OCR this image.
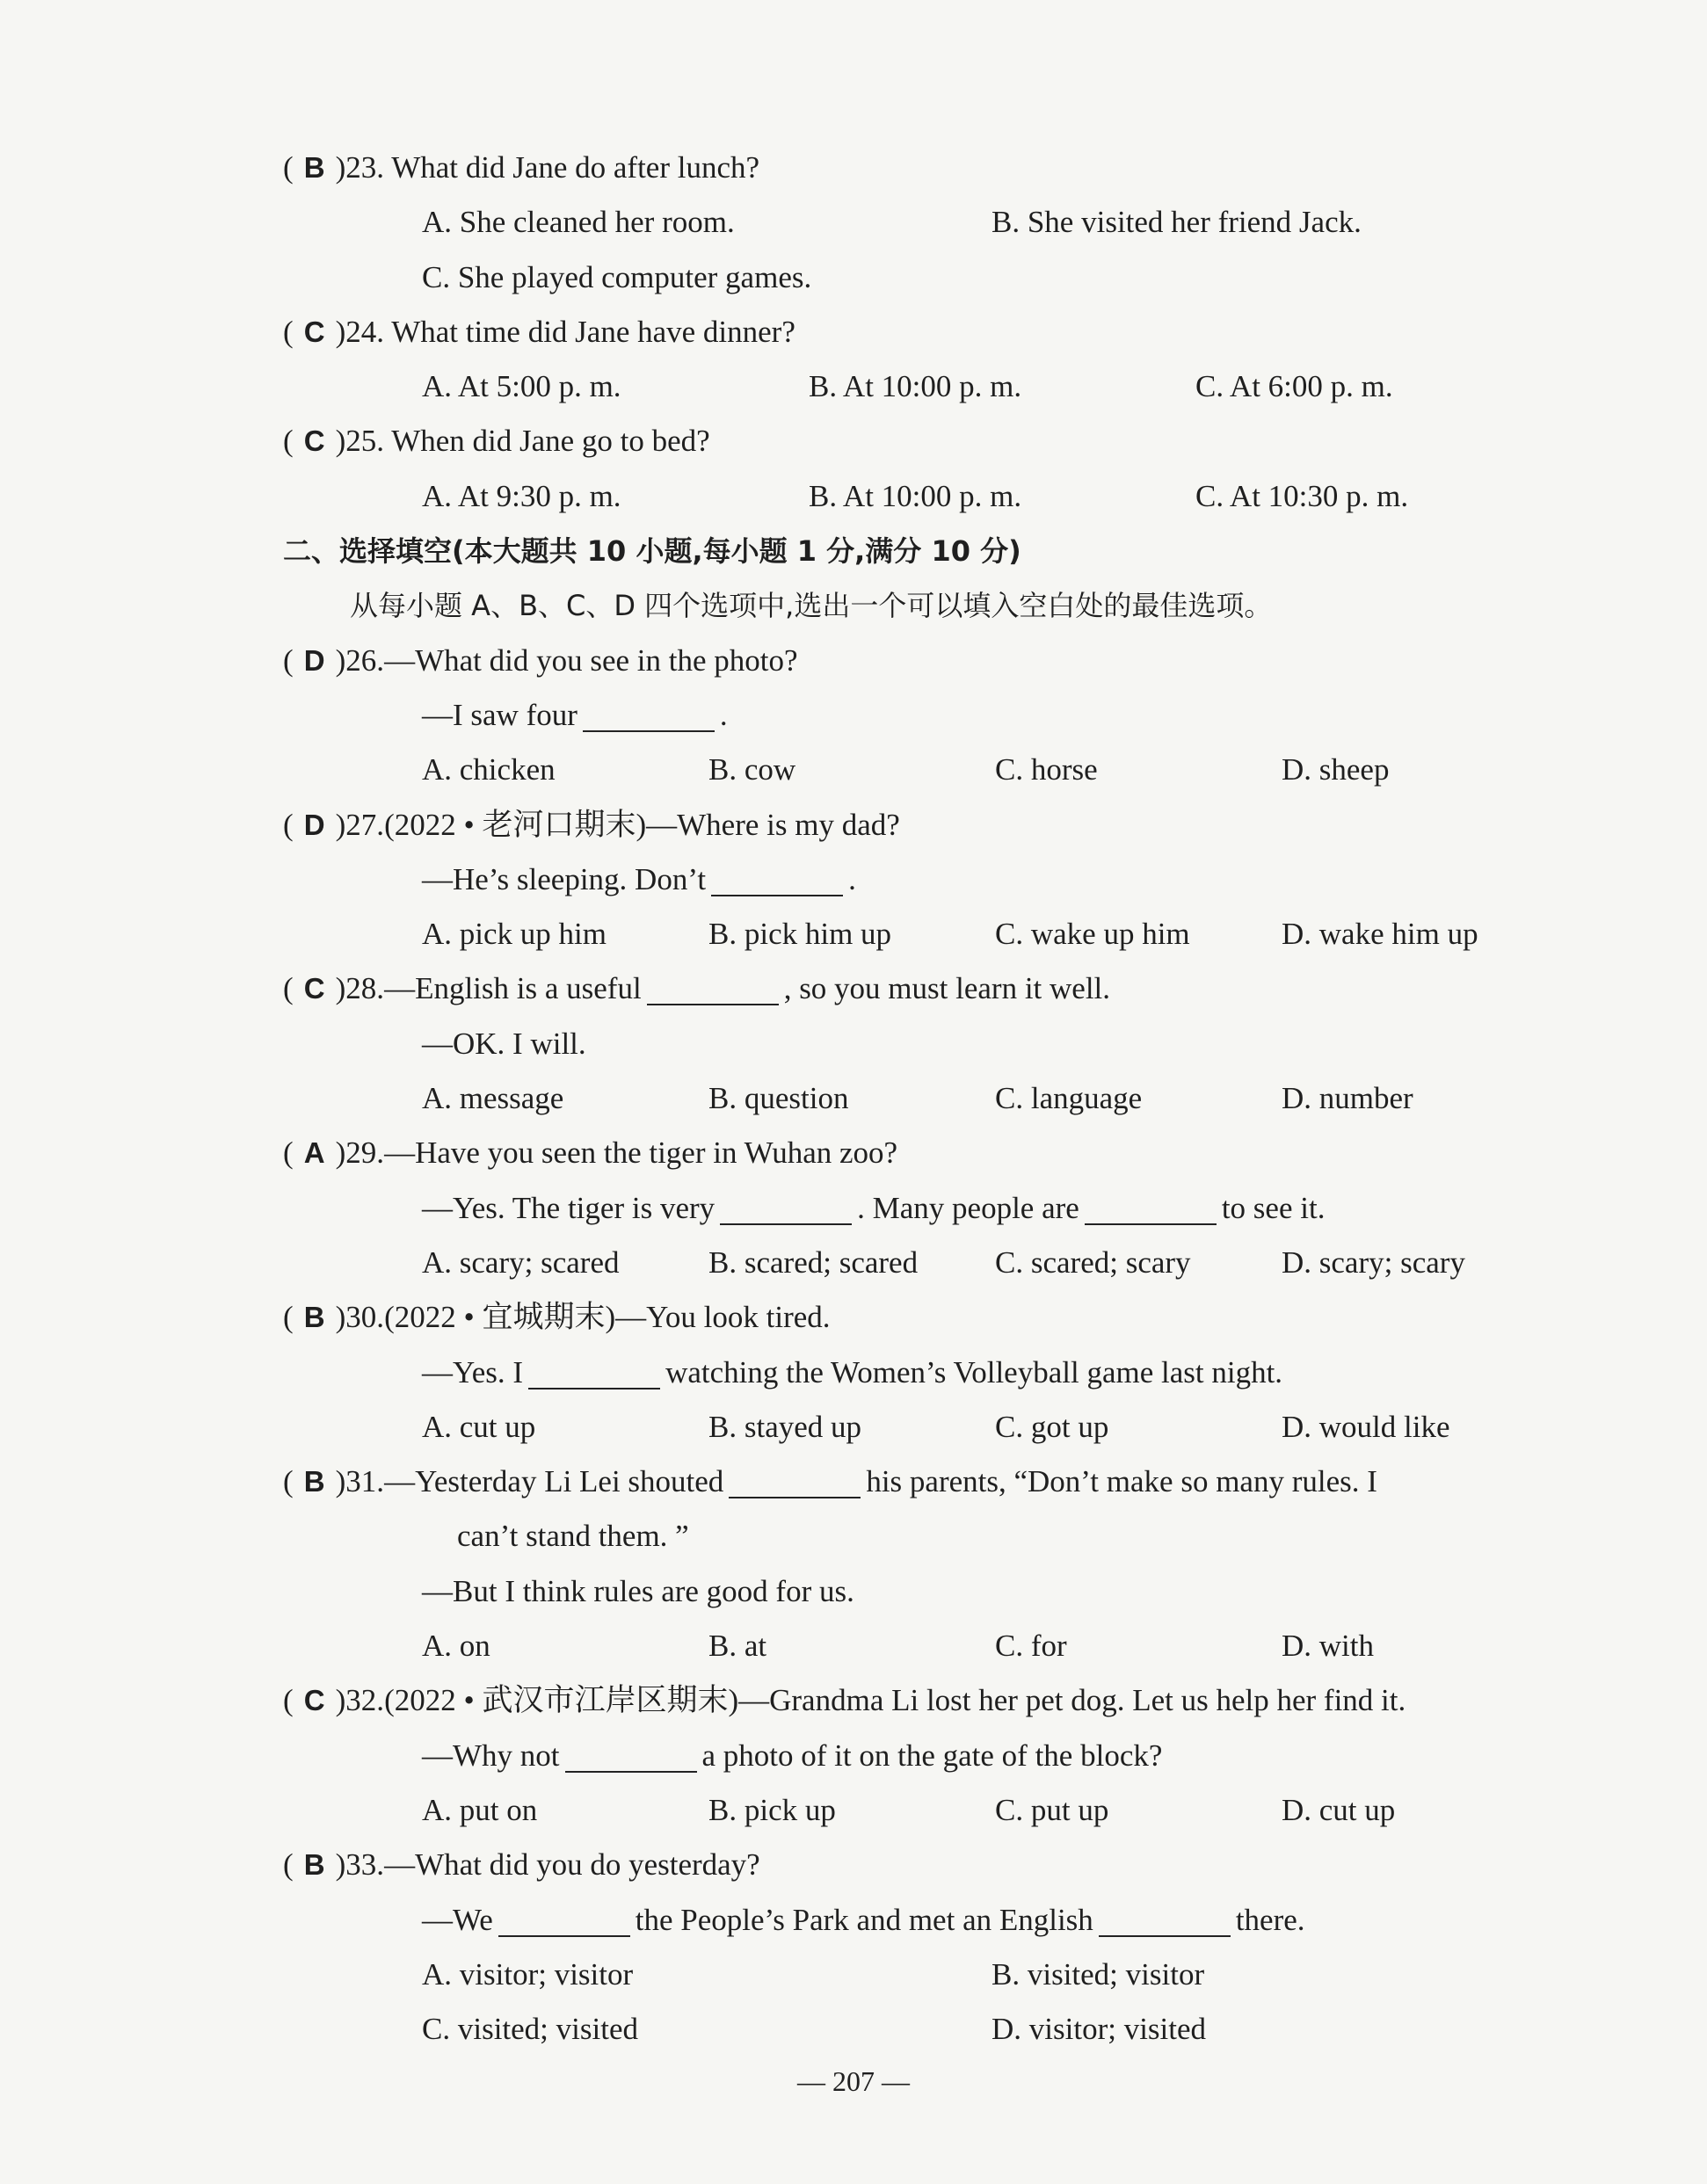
( B )23. What did Jane do after lunch?
A. She cleaned her room.	B. She visited her friend Jack.
C. She played computer games.
( C )24. What time did Jane have dinner?
A. At 5:00 p. m.	B. At 10:00 p. m.	C. At 6:00 p. m.
( C )25. When did Jane go to bed?
A. At 9:30 p. m.	B. At 10:00 p. m.	C. At 10:30 p. m.
二、选择填空(本大题共 10 小题,每小题 1 分,满分 10 分)
从每小题 A、B、C、D 四个选项中,选出一个可以填入空白处的最佳选项。
( D )26.—What did you see in the photo?
—I saw four	.
A. chicken	B. cow	C. horse	D. sheep
( D )27.(2022 • 老河口期末)—Where is my dad?
—He’s sleeping. Don’t	.
A. pick up him	B. pick him up	C. wake up him	D. wake him up
( C )28.—English is a useful	, so you must learn it well.
—OK. I will.
A. message	B. question	C. language	D. number
( A )29.—Have you seen the tiger in Wuhan zoo?
—Yes. The tiger is very	. Many people are	to see it.
A. scary; scared	B. scared; scared	C. scared; scary	D. scary; scary
( B )30.(2022 • 宜城期末)—You look tired.
—Yes. I	watching the Women’s Volleyball game last night.
A. cut up	B. stayed up	C. got up	D. would like
( B )31.—Yesterday Li Lei shouted	his parents, “Don’t make so many rules. I
can’t stand them. ”
—But I think rules are good for us.
A. on	B. at	C. for	D. with
( C )32.(2022 • 武汉市江岸区期末)—Grandma Li lost her pet dog. Let us help her find it.
—Why not	a photo of it on the gate of the block?
A. put on	B. pick up	C. put up	D. cut up
( B )33.—What did you do yesterday?
—We	the People’s Park and met an English	there.
A. visitor; visitor	B. visited; visitor
C. visited; visited	D. visitor; visited
— 207 —
